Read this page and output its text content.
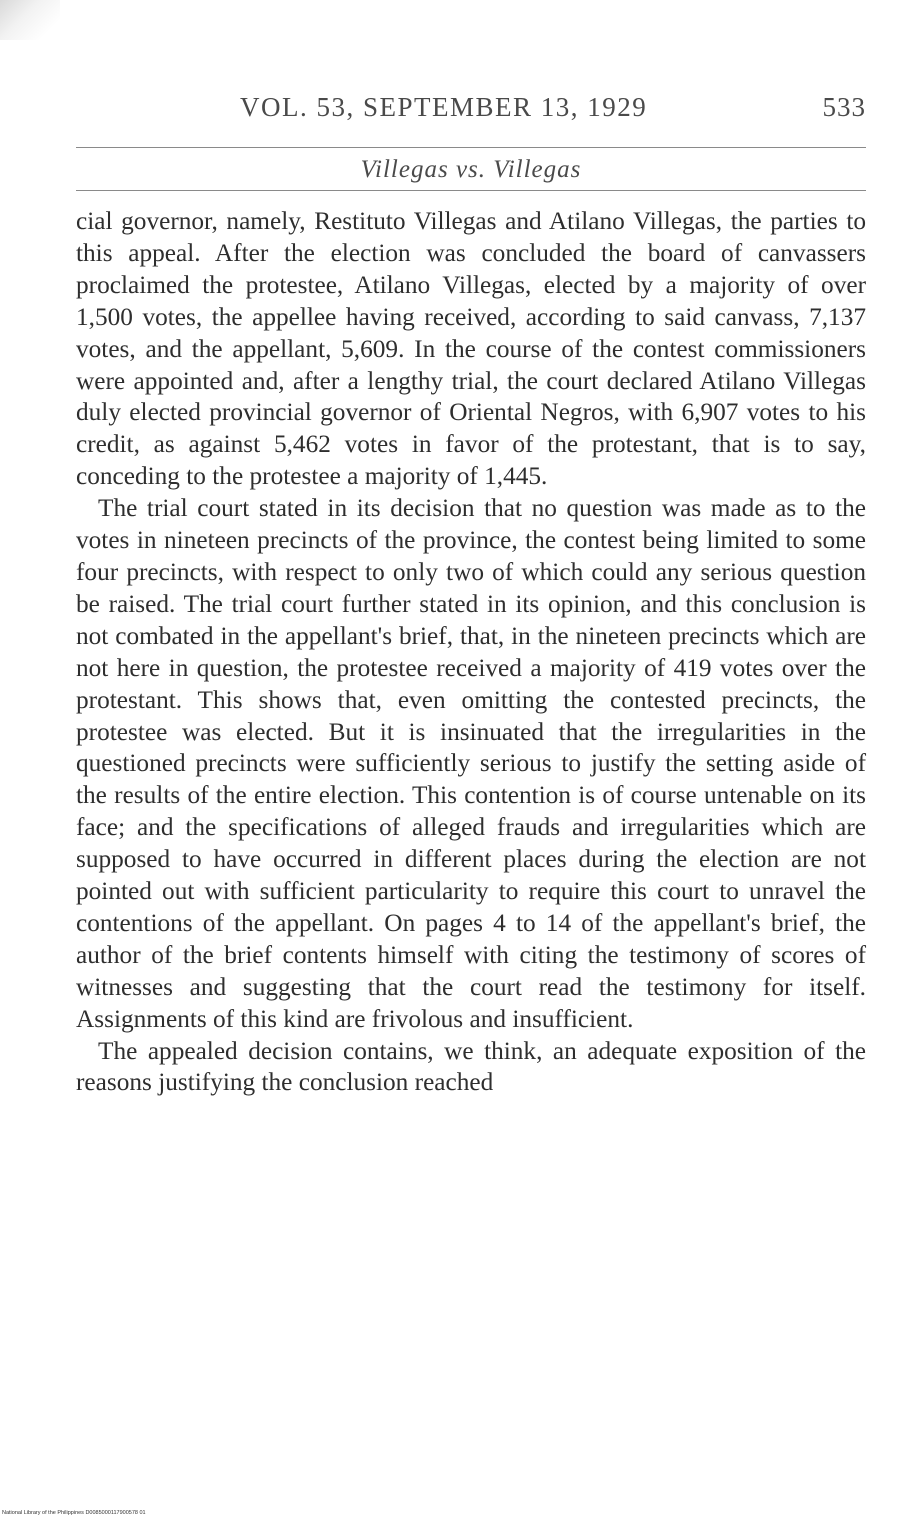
VOL. 53, SEPTEMBER 13, 1929	533
Villegas vs. Villegas

cial governor, namely, Restituto Villegas and Atilano Villegas, the parties to this appeal. After the election was concluded the board of canvassers proclaimed the protestee, Atilano Villegas, elected by a majority of over 1,500 votes, the appellee having received, according to said canvass, 7,137 votes, and the appellant, 5,609. In the course of the contest commissioners were appointed and, after a lengthy trial, the court declared Atilano Villegas duly elected provincial governor of Oriental Negros, with 6,907 votes to his credit, as against 5,462 votes in favor of the protestant, that is to say, conceding to the protestee a majority of 1,445.

The trial court stated in its decision that no question was made as to the votes in nineteen precincts of the province, the contest being limited to some four precincts, with respect to only two of which could any serious question be raised. The trial court further stated in its opinion, and this conclusion is not combated in the appellant's brief, that, in the nineteen precincts which are not here in question, the protestee received a majority of 419 votes over the protestant. This shows that, even omitting the contested precincts, the protestee was elected. But it is insinuated that the irregularities in the questioned precincts were sufficiently serious to justify the setting aside of the results of the entire election. This contention is of course untenable on its face; and the specifications of alleged frauds and irregularities which are supposed to have occurred in different places during the election are not pointed out with sufficient particularity to require this court to unravel the contentions of the appellant. On pages 4 to 14 of the appellant's brief, the author of the brief contents himself with citing the testimony of scores of witnesses and suggesting that the court read the testimony for itself. Assignments of this kind are frivolous and insufficient.

The appealed decision contains, we think, an adequate exposition of the reasons justifying the conclusion reached

National Library of the Philippines D0085000117900578 01
